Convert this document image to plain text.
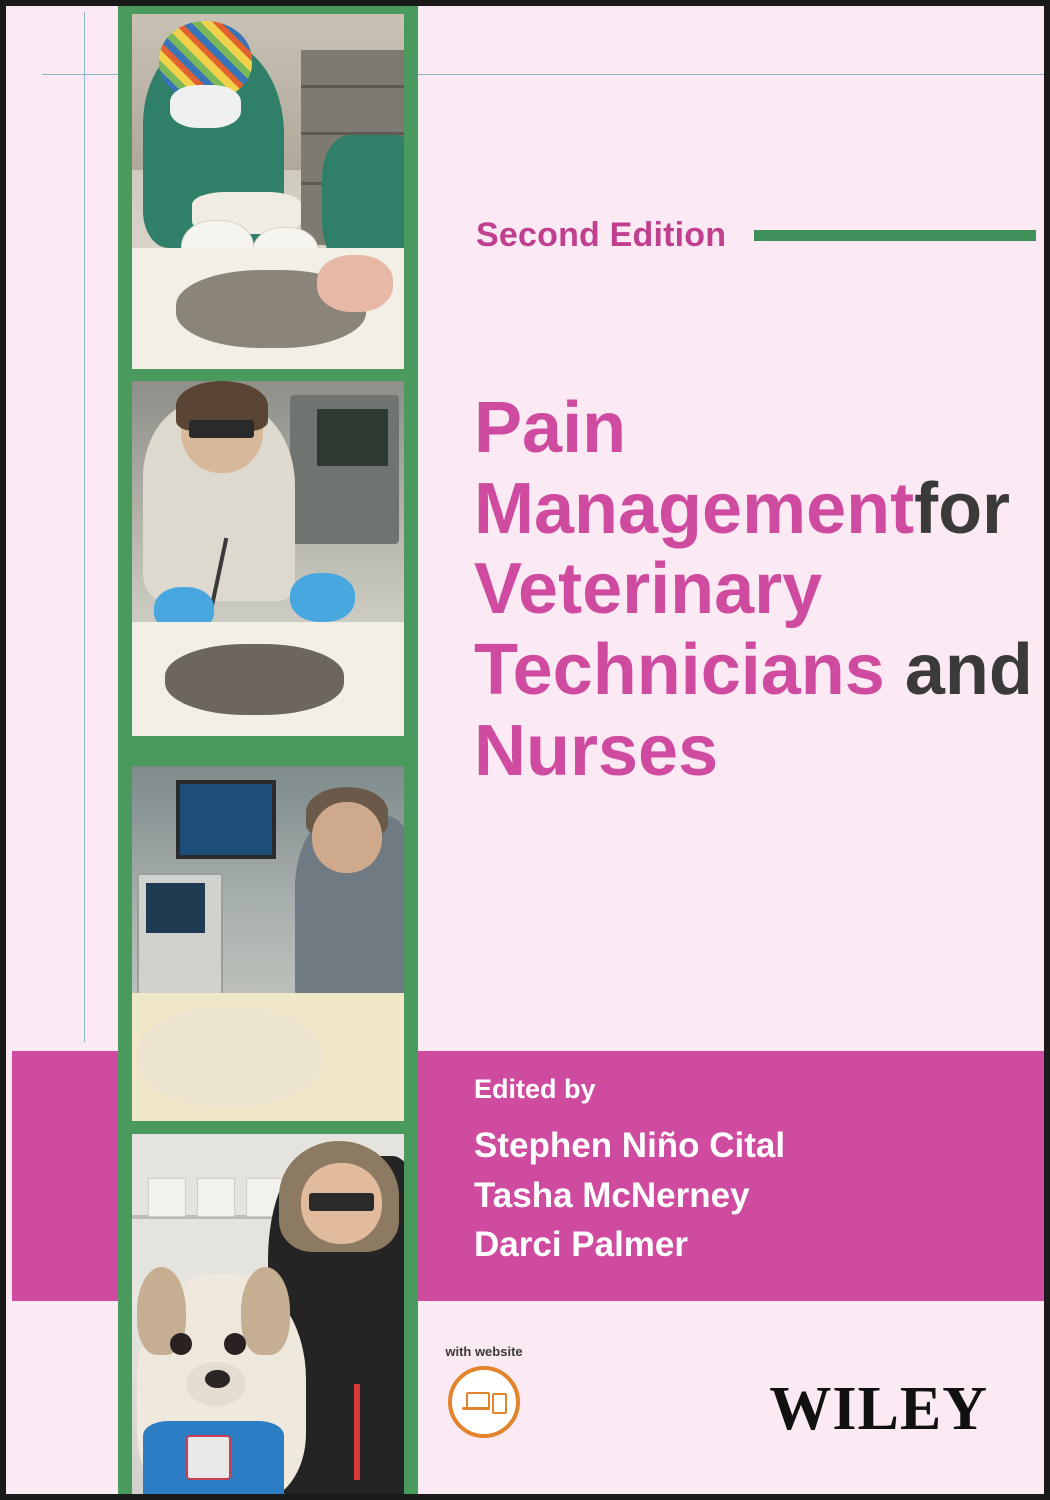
Second Edition
Pain
Managementfor
Veterinary
Technicians and
Nurses
Edited by
Stephen Niño Cital
Tasha McNerney
Darci Palmer
with website
WILEY
